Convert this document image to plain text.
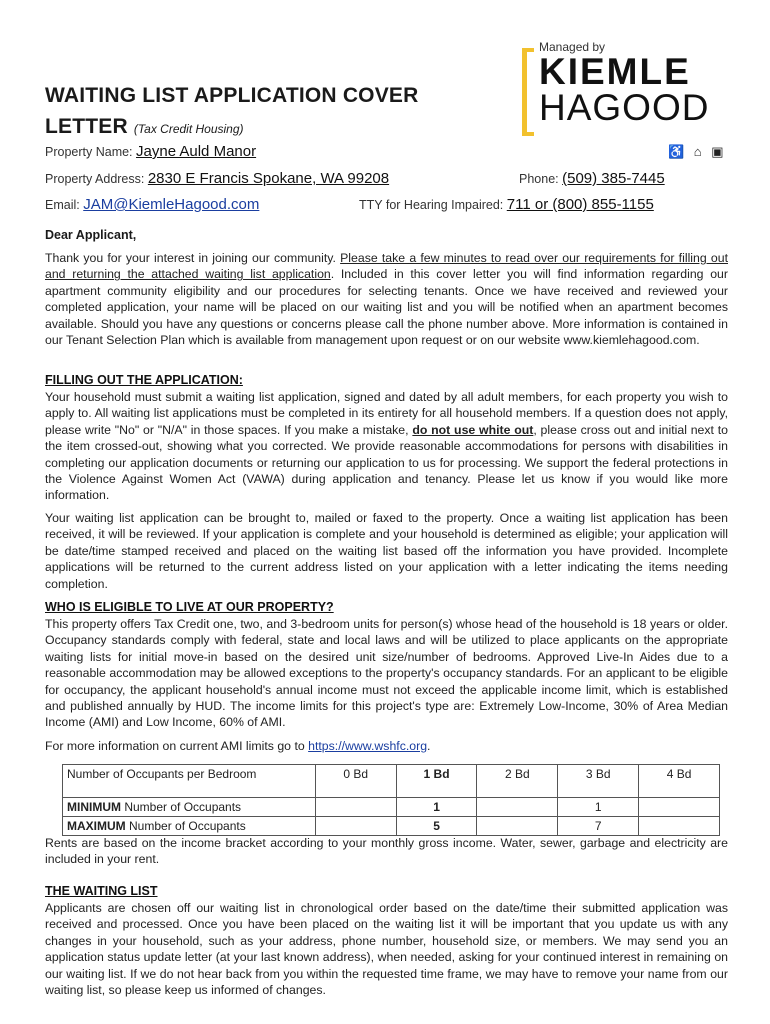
WAITING LIST APPLICATION COVER LETTER (Tax Credit Housing)
Managed by
KIEMLE
HAGOOD
♿ ⌂ ▣
Property Name: Jayne Auld Manor
Property Address: 2830 E Francis Spokane, WA 99208	Phone: (509) 385-7445
Email: JAM@KiemleHagood.com	TTY for Hearing Impaired: 711 or (800) 855-1155
Dear Applicant,
Thank you for your interest in joining our community. Please take a few minutes to read over our requirements for filling out and returning the attached waiting list application. Included in this cover letter you will find information regarding our apartment community eligibility and our procedures for selecting tenants. Once we have received and reviewed your completed application, your name will be placed on our waiting list and you will be notified when an apartment becomes available. Should you have any questions or concerns please call the phone number above. More information is contained in our Tenant Selection Plan which is available from management upon request or on our website www.kiemlehagood.com.
FILLING OUT THE APPLICATION:
Your household must submit a waiting list application, signed and dated by all adult members, for each property you wish to apply to. All waiting list applications must be completed in its entirety for all household members. If a question does not apply, please write "No" or "N/A" in those spaces. If you make a mistake, do not use white out, please cross out and initial next to the item crossed-out, showing what you corrected. We provide reasonable accommodations for persons with disabilities in completing our application documents or returning our application to us for processing. We support the federal protections in the Violence Against Women Act (VAWA) during application and tenancy. Please let us know if you would like more information.
Your waiting list application can be brought to, mailed or faxed to the property. Once a waiting list application has been received, it will be reviewed. If your application is complete and your household is determined as eligible; your application will be date/time stamped received and placed on the waiting list based off the information you have provided. Incomplete applications will be returned to the current address listed on your application with a letter indicating the items needing completion.
WHO IS ELIGIBLE TO LIVE AT OUR PROPERTY?
This property offers Tax Credit one, two, and 3-bedroom units for person(s) whose head of the household is 18 years or older. Occupancy standards comply with federal, state and local laws and will be utilized to place applicants on the appropriate waiting lists for initial move-in based on the desired unit size/number of bedrooms. Approved Live-In Aides due to a reasonable accommodation may be allowed exceptions to the property's occupancy standards. For an applicant to be eligible for occupancy, the applicant household's annual income must not exceed the applicable income limit, which is established and published annually by HUD. The income limits for this project's type are: Extremely Low-Income, 30% of Area Median Income (AMI) and Low Income, 60% of AMI.
For more information on current AMI limits go to https://www.wshfc.org.
Number of Occupants per Bedroom	0 Bd	1 Bd	2 Bd	3 Bd	4 Bd
MINIMUM Number of Occupants		1		1	
MAXIMUM Number of Occupants		5		7	
Rents are based on the income bracket according to your monthly gross income. Water, sewer, garbage and electricity are included in your rent.
THE WAITING LIST
Applicants are chosen off our waiting list in chronological order based on the date/time their submitted application was received and processed. Once you have been placed on the waiting list it will be important that you update us with any changes in your household, such as your address, phone number, household size, or members. We may send you an application status update letter (at your last known address), when needed, asking for your continued interest in remaining on our waiting list. If we do not hear back from you within the requested time frame, we may have to remove your name from our waiting list, so please keep us informed of changes.
